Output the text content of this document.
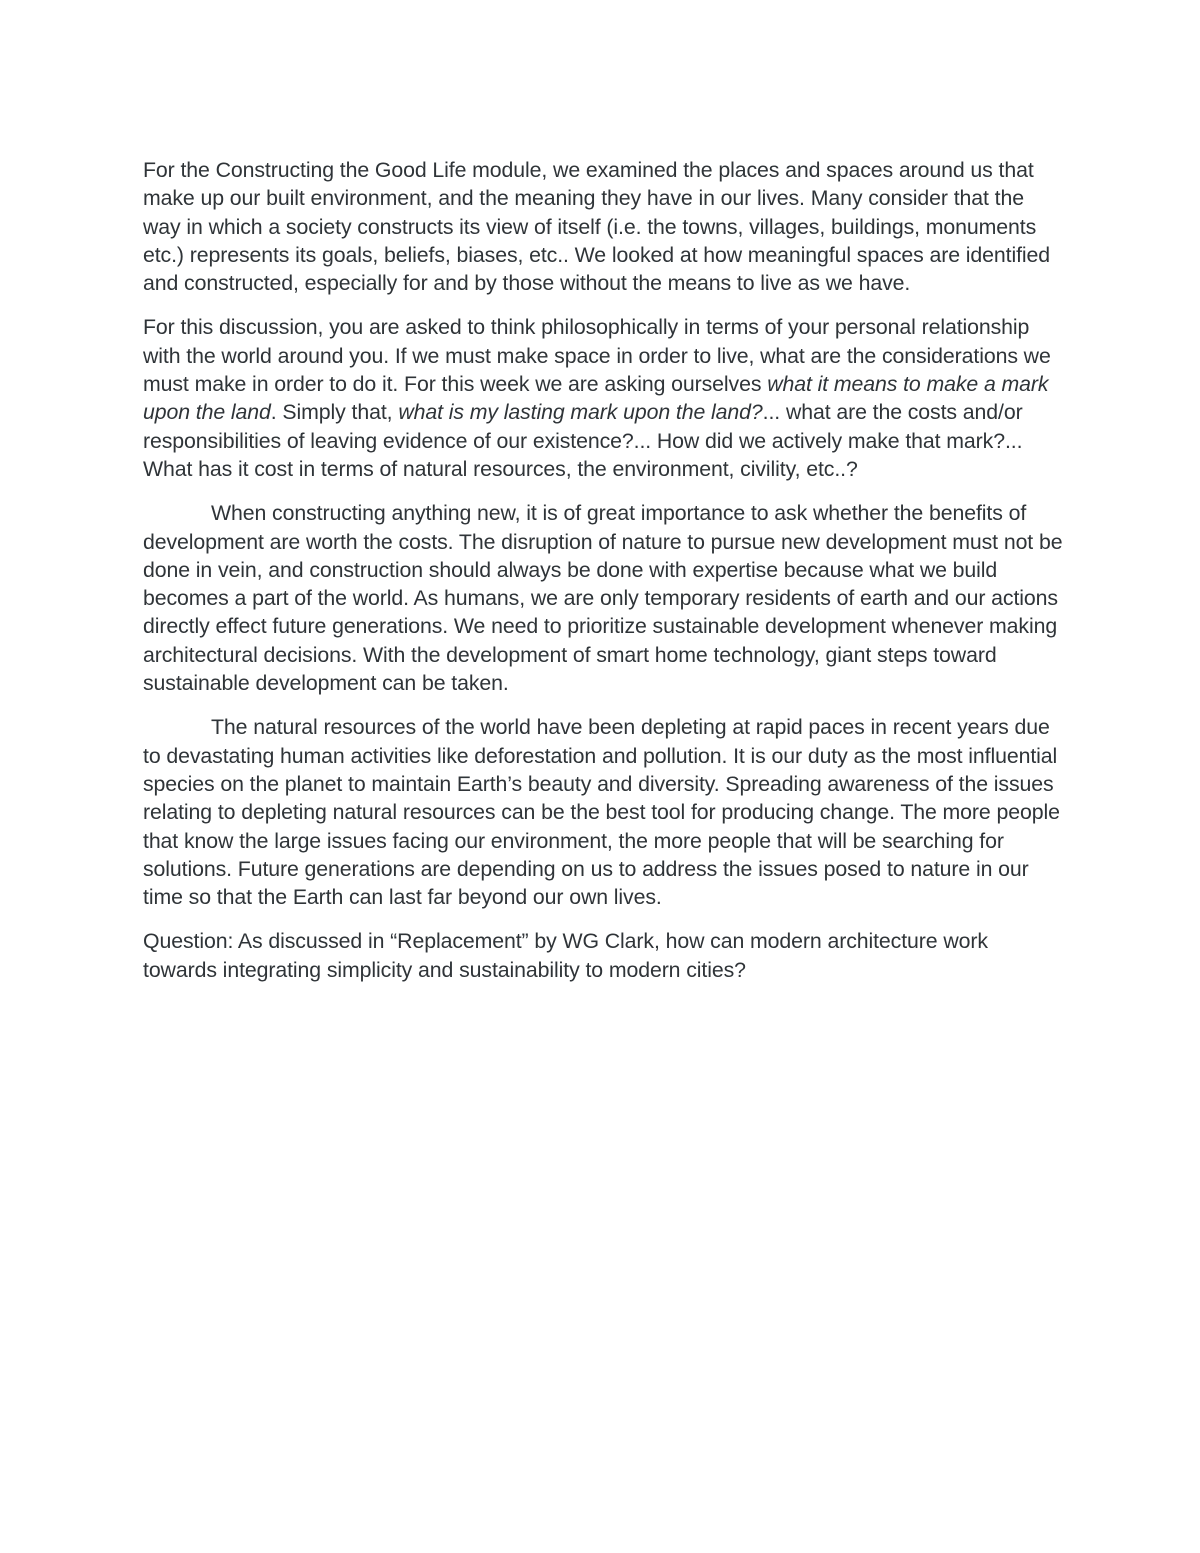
For the Constructing the Good Life module, we examined the places and spaces around us that make up our built environment, and the meaning they have in our lives. Many consider that the way in which a society constructs its view of itself (i.e. the towns, villages, buildings, monuments etc.) represents its goals, beliefs, biases, etc.. We looked at how meaningful spaces are identified and constructed, especially for and by those without the means to live as we have.

For this discussion, you are asked to think philosophically in terms of your personal relationship with the world around you. If we must make space in order to live, what are the considerations we must make in order to do it. For this week we are asking ourselves what it means to make a mark upon the land. Simply that, what is my lasting mark upon the land?... what are the costs and/or responsibilities of leaving evidence of our existence?... How did we actively make that mark?... What has it cost in terms of natural resources, the environment, civility, etc..?

When constructing anything new, it is of great importance to ask whether the benefits of development are worth the costs. The disruption of nature to pursue new development must not be done in vein, and construction should always be done with expertise because what we build becomes a part of the world. As humans, we are only temporary residents of earth and our actions directly effect future generations. We need to prioritize sustainable development whenever making architectural decisions. With the development of smart home technology, giant steps toward sustainable development can be taken.

The natural resources of the world have been depleting at rapid paces in recent years due to devastating human activities like deforestation and pollution. It is our duty as the most influential species on the planet to maintain Earth’s beauty and diversity. Spreading awareness of the issues relating to depleting natural resources can be the best tool for producing change. The more people that know the large issues facing our environment, the more people that will be searching for solutions. Future generations are depending on us to address the issues posed to nature in our time so that the Earth can last far beyond our own lives.

Question: As discussed in “Replacement” by WG Clark, how can modern architecture work towards integrating simplicity and sustainability to modern cities?
